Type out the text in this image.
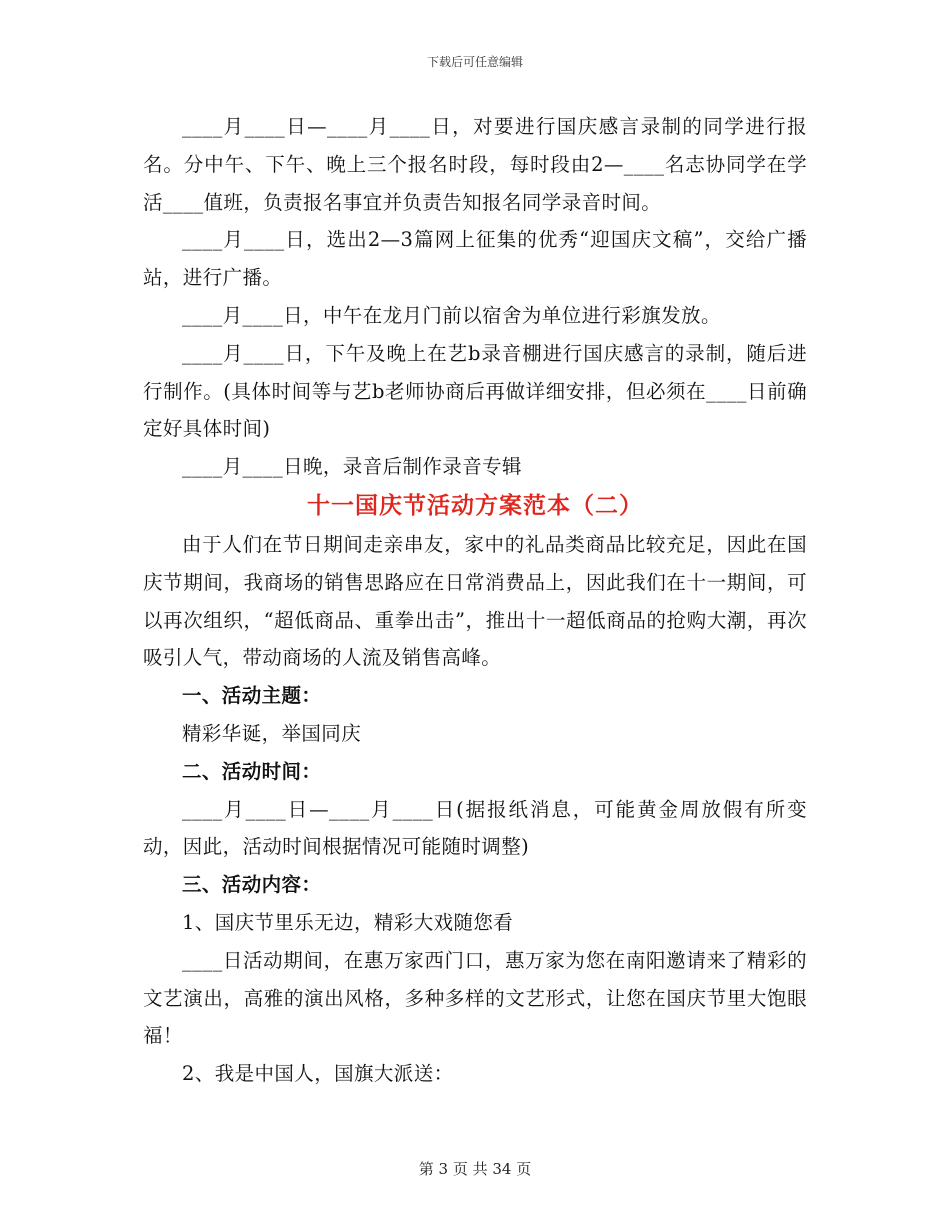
下载后可任意编辑

____月____日—____月____日，对要进行国庆感言录制的同学进行报名。分中午、下午、晚上三个报名时段，每时段由2—____名志协同学在学活____值班，负责报名事宜并负责告知报名同学录音时间。

____月____日，选出2—3篇网上征集的优秀“迎国庆文稿”，交给广播站，进行广播。

____月____日，中午在龙月门前以宿舍为单位进行彩旗发放。

____月____日，下午及晚上在艺b录音棚进行国庆感言的录制，随后进行制作。(具体时间等与艺b老师协商后再做详细安排，但必须在____日前确定好具体时间)

____月____日晚，录音后制作录音专辑

十一国庆节活动方案范本（二）

由于人们在节日期间走亲串友，家中的礼品类商品比较充足，因此在国庆节期间，我商场的销售思路应在日常消费品上，因此我们在十一期间，可以再次组织，“超低商品、重拳出击”，推出十一超低商品的抢购大潮，再次吸引人气，带动商场的人流及销售高峰。

一、活动主题：

精彩华诞，举国同庆

二、活动时间：

____月____日—____月____日(据报纸消息，可能黄金周放假有所变动，因此，活动时间根据情况可能随时调整)

三、活动内容：

1、国庆节里乐无边，精彩大戏随您看

____日活动期间，在惠万家西门口，惠万家为您在南阳邀请来了精彩的文艺演出，高雅的演出风格，多种多样的文艺形式，让您在国庆节里大饱眼福！

2、我是中国人，国旗大派送：

第 3 页 共 34 页
